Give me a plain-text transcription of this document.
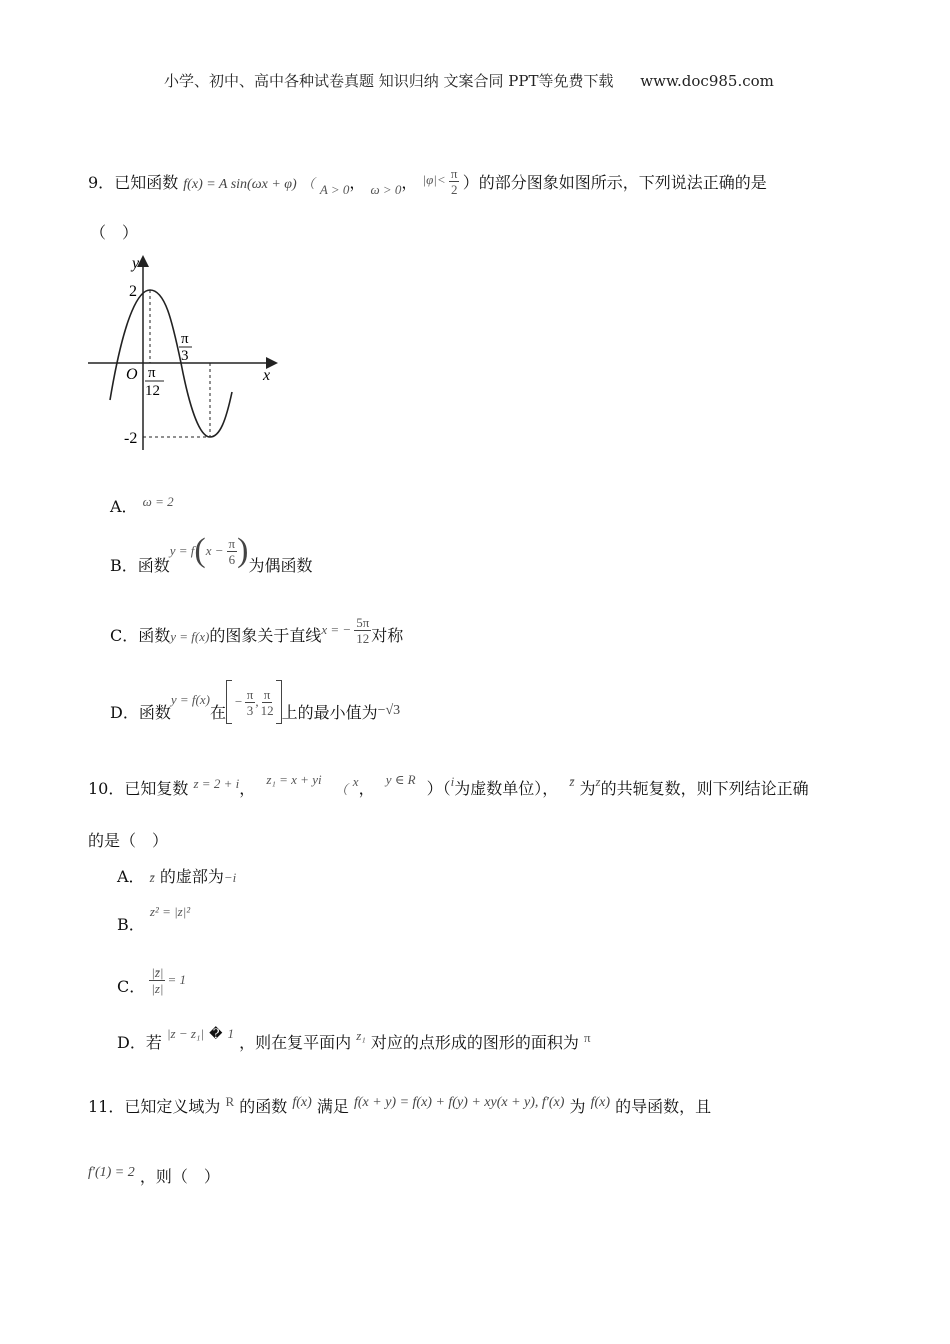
小学、初中、高中各种试卷真题 知识归纳 文案合同 PPT等免费下载 www.doc985.com
9．已知函数 f(x) = A sin(ωx + φ) （ $_{A > 0}$， $_{\omega > 0}$， $^{|\varphi|< \frac{\pi}{2}}$ ）的部分图象如图所示，下列说法正确的是
（　）
y
x
O
2
-2
π
12
π
3
A． $^{\omega = 2}$
B．函数
y = f ( $x - \frac{\pi}{6}$ ) 为偶函数
C．函数 y = f(x) 的图象关于直线 x = − $\frac{5\pi}{12}$ 对称
D．函数
y = f(x)
在
− $\frac{\pi}{3}$ , $\frac{\pi}{12}$ 上的最小值为 −√3
10．已知复数 $^{z = 2 + i}$， $^{z_1 = x + yi}$ （ $^x$， $^{y \in R}$ ）（$^i$为虚数单位）， $^{z̄}$ 为$^z$的共轭复数，则下列结论正确
的是（　）
A． z̄ 的虚部为−i
B． $^{z^2 = |z|^2}$
C． $\frac{|z̄|}{|z|} = 1$
D．若 $^{|z - z_1|}$ � $^1$ ，则在复平面内 $^{z_1}$ 对应的点形成的图形的面积为 $^\pi$
11．已知定义域为 $^R$ 的函数 f(x) 满足 f(x + y) = f(x) + f(y) + xy(x + y), f′(x) 为 f(x) 的导函数，且
f′(1) = 2 ，则（　）
